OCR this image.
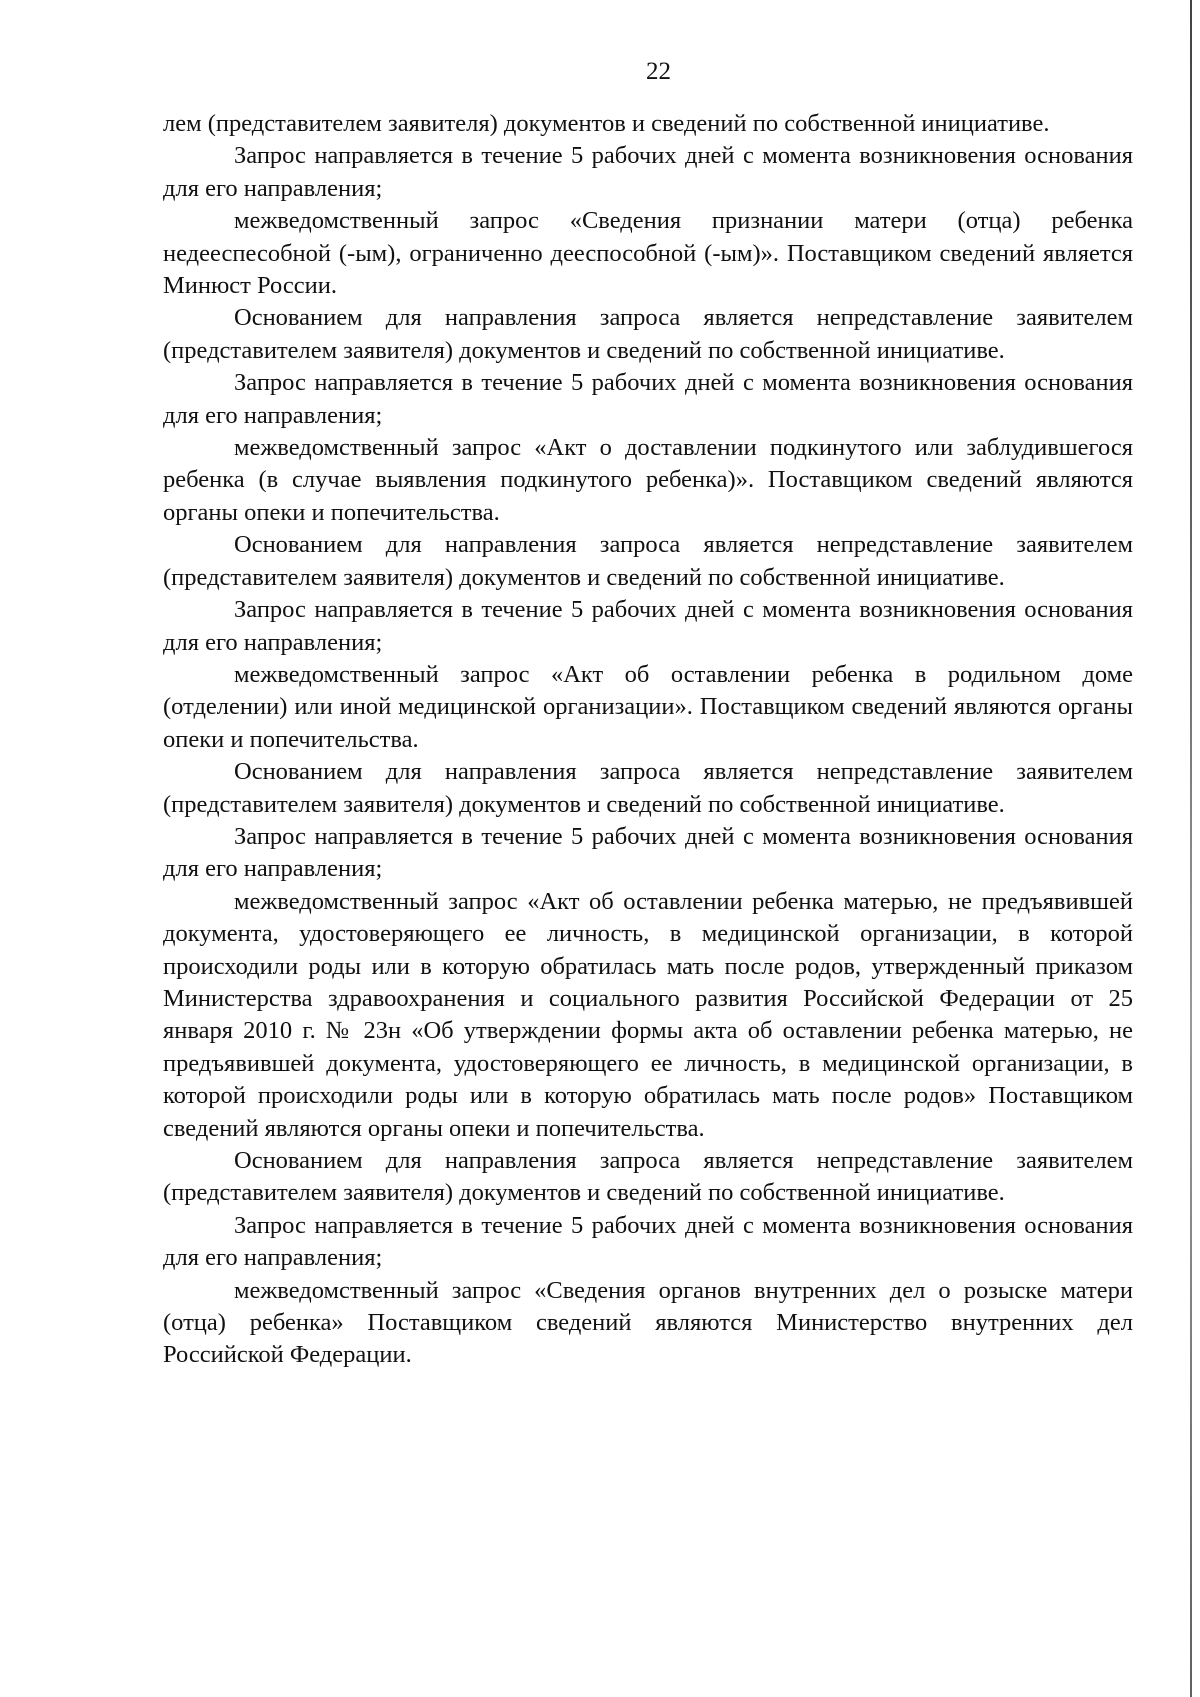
22

лем (представителем заявителя) документов и сведений по собственной инициативе.

Запрос направляется в течение 5 рабочих дней с момента возникновения основания для его направления;

межведомственный запрос «Сведения признании матери (отца) ребенка недееспесобной (-ым), ограниченно дееспособной (-ым)». Поставщиком сведений является Минюст России.

Основанием для направления запроса является непредставление заявителем (представителем заявителя) документов и сведений по собственной инициативе.

Запрос направляется в течение 5 рабочих дней с момента возникновения основания для его направления;

межведомственный запрос «Акт о доставлении подкинутого или заблудившегося ребенка (в случае выявления подкинутого ребенка)». Поставщиком сведений являются органы опеки и попечительства.

Основанием для направления запроса является непредставление заявителем (представителем заявителя) документов и сведений по собственной инициативе.

Запрос направляется в течение 5 рабочих дней с момента возникновения основания для его направления;

межведомственный запрос «Акт об оставлении ребенка в родильном доме (отделении) или иной медицинской организации». Поставщиком сведений являются органы опеки и попечительства.

Основанием для направления запроса является непредставление заявителем (представителем заявителя) документов и сведений по собственной инициативе.

Запрос направляется в течение 5 рабочих дней с момента возникновения основания для его направления;

межведомственный запрос «Акт об оставлении ребенка матерью, не предъявившей документа, удостоверяющего ее личность, в медицинской организации, в которой происходили роды или в которую обратилась мать после родов, утвержденный приказом Министерства здравоохранения и социального развития Российской Федерации от 25 января 2010 г. № 23н «Об утверждении формы акта об оставлении ребенка матерью, не предъявившей документа, удостоверяющего ее личность, в медицинской организации, в которой происходили роды или в которую обратилась мать после родов» Поставщиком сведений являются органы опеки и попечительства.

Основанием для направления запроса является непредставление заявителем (представителем заявителя) документов и сведений по собственной инициативе.

Запрос направляется в течение 5 рабочих дней с момента возникновения основания для его направления;

межведомственный запрос «Сведения органов внутренних дел о розыске матери (отца) ребенка» Поставщиком сведений являются Министерство внутренних дел Российской Федерации.
